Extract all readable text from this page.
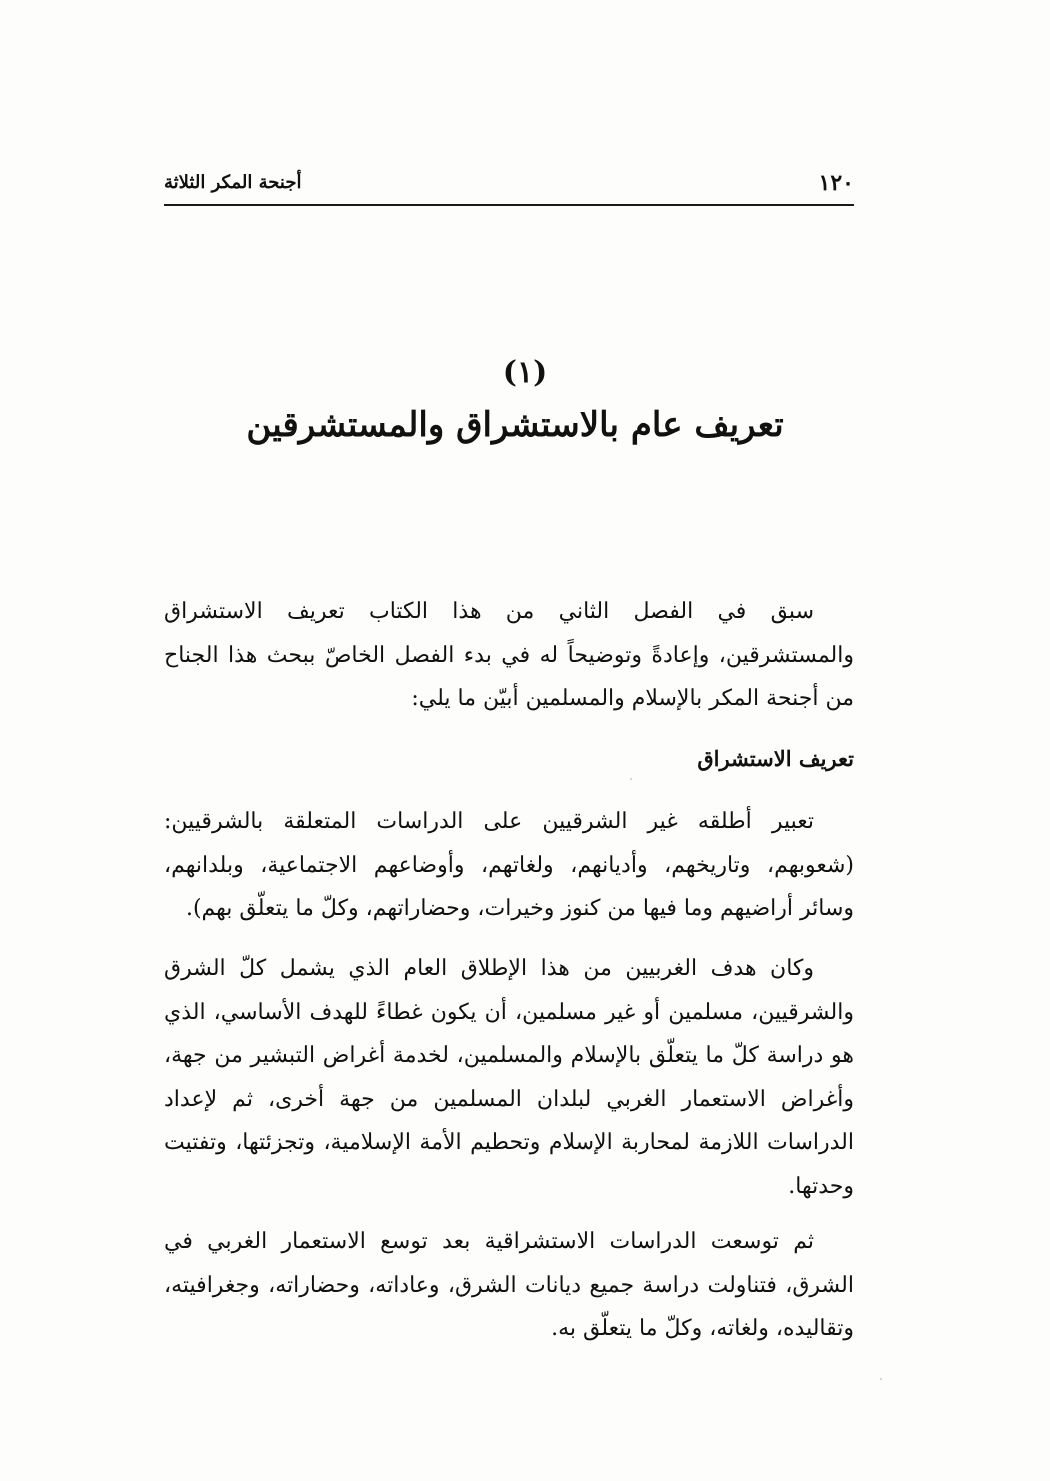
١٢٠
أجنحة المكر الثلاثة
(١)
تعريف عام بالاستشراق والمستشرقين

سبق في الفصل الثاني من هذا الكتاب تعريف الاستشراق والمستشرقين، وإعادةً وتوضيحاً له في بدء الفصل الخاصّ ببحث هذا الجناح من أجنحة المكر بالإسلام والمسلمين أبيّن ما يلي:

تعريف الاستشراق

تعبير أطلقه غير الشرقيين على الدراسات المتعلقة بالشرقيين: (شعوبهم، وتاريخهم، وأديانهم، ولغاتهم، وأوضاعهم الاجتماعية، وبلدانهم، وسائر أراضيهم وما فيها من كنوز وخيرات، وحضاراتهم، وكلّ ما يتعلّق بهم).

وكان هدف الغربيين من هذا الإطلاق العام الذي يشمل كلّ الشرق والشرقيين، مسلمين أو غير مسلمين، أن يكون غطاءً للهدف الأساسي، الذي هو دراسة كلّ ما يتعلّق بالإسلام والمسلمين، لخدمة أغراض التبشير من جهة، وأغراض الاستعمار الغربي لبلدان المسلمين من جهة أخرى، ثم لإعداد الدراسات اللازمة لمحاربة الإسلام وتحطيم الأمة الإسلامية، وتجزئتها، وتفتيت وحدتها.

ثم توسعت الدراسات الاستشراقية بعد توسع الاستعمار الغربي في الشرق، فتناولت دراسة جميع ديانات الشرق، وعاداته، وحضاراته، وجغرافيته، وتقاليده، ولغاته، وكلّ ما يتعلّق به.
